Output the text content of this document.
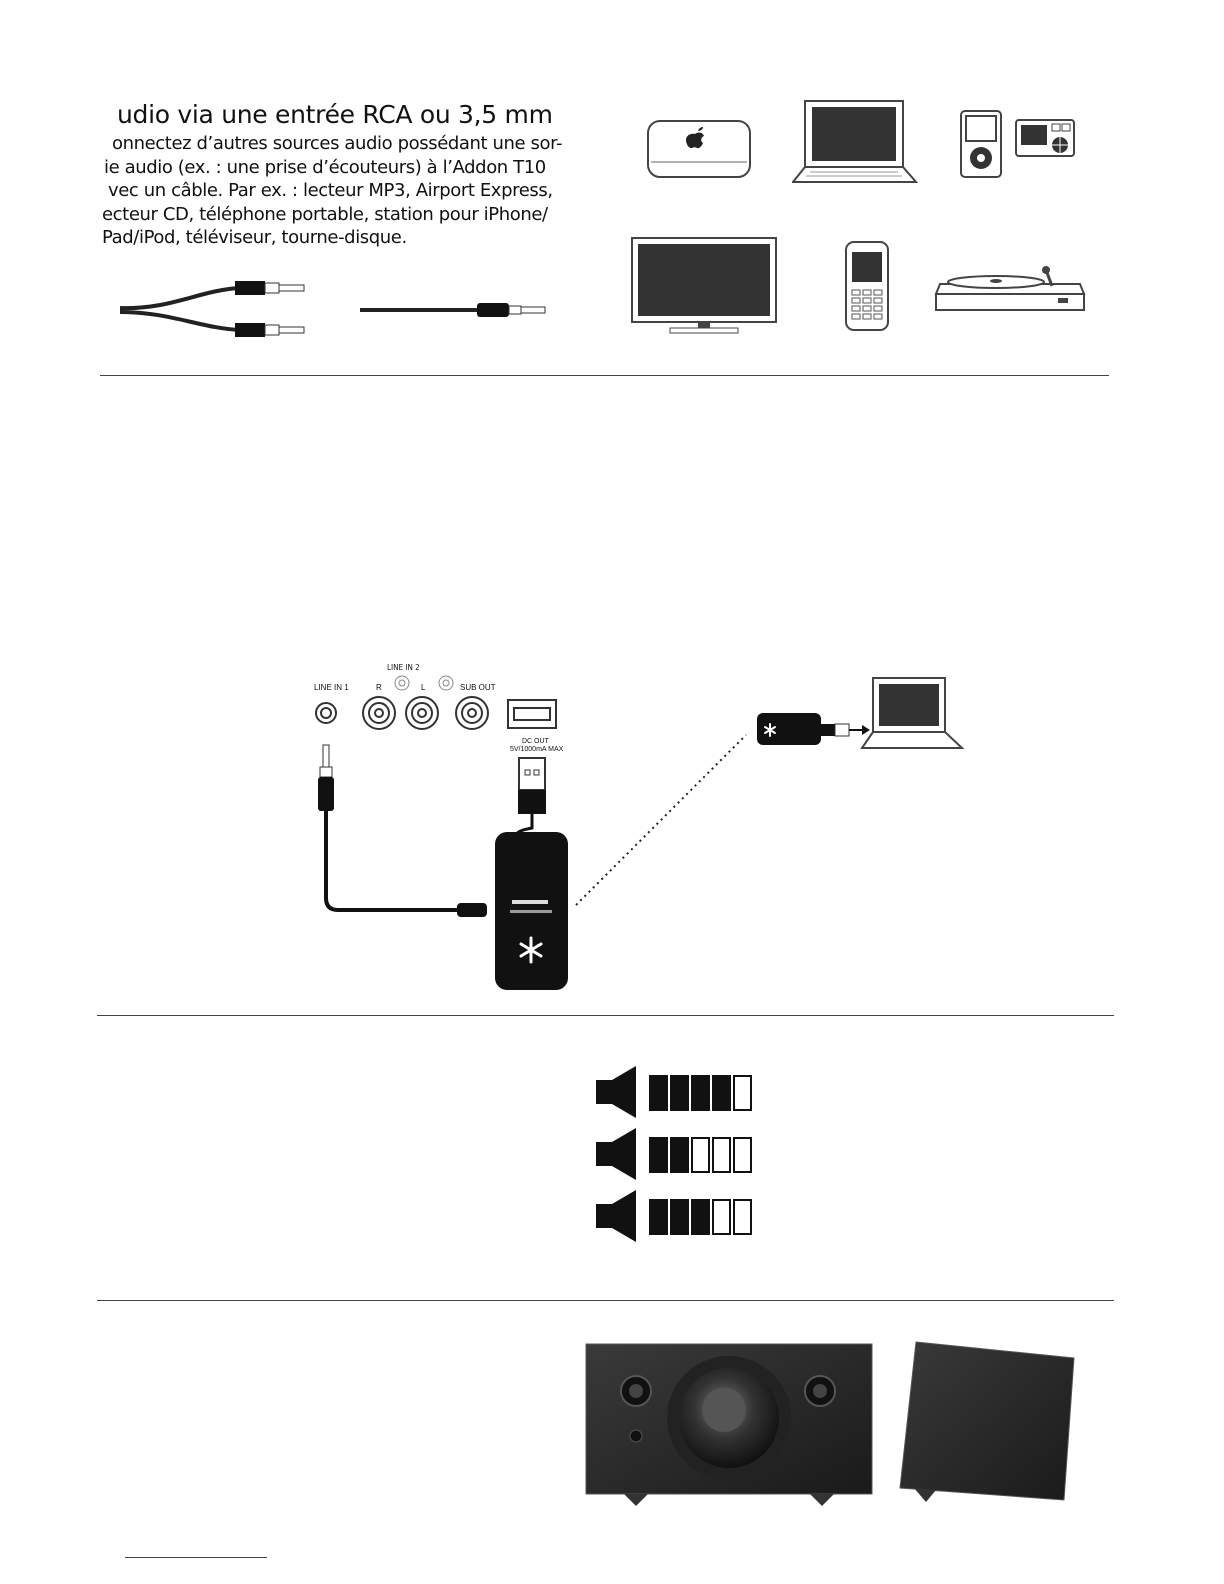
udio via une entrée RCA ou 3,5 mm
onnectez d’autres sources audio possédant une sor-
ie audio (ex. : une prise d’écouteurs) à l’Addon T10
vec un câble. Par ex. : lecteur MP3, Airport Express,
ecteur CD, téléphone portable, station pour iPhone/
Pad/iPod, téléviseur, tourne-disque.
LINE IN 2
LINE IN 1	R	L	SUB OUT
DC OUT
5V/1000mA MAX
